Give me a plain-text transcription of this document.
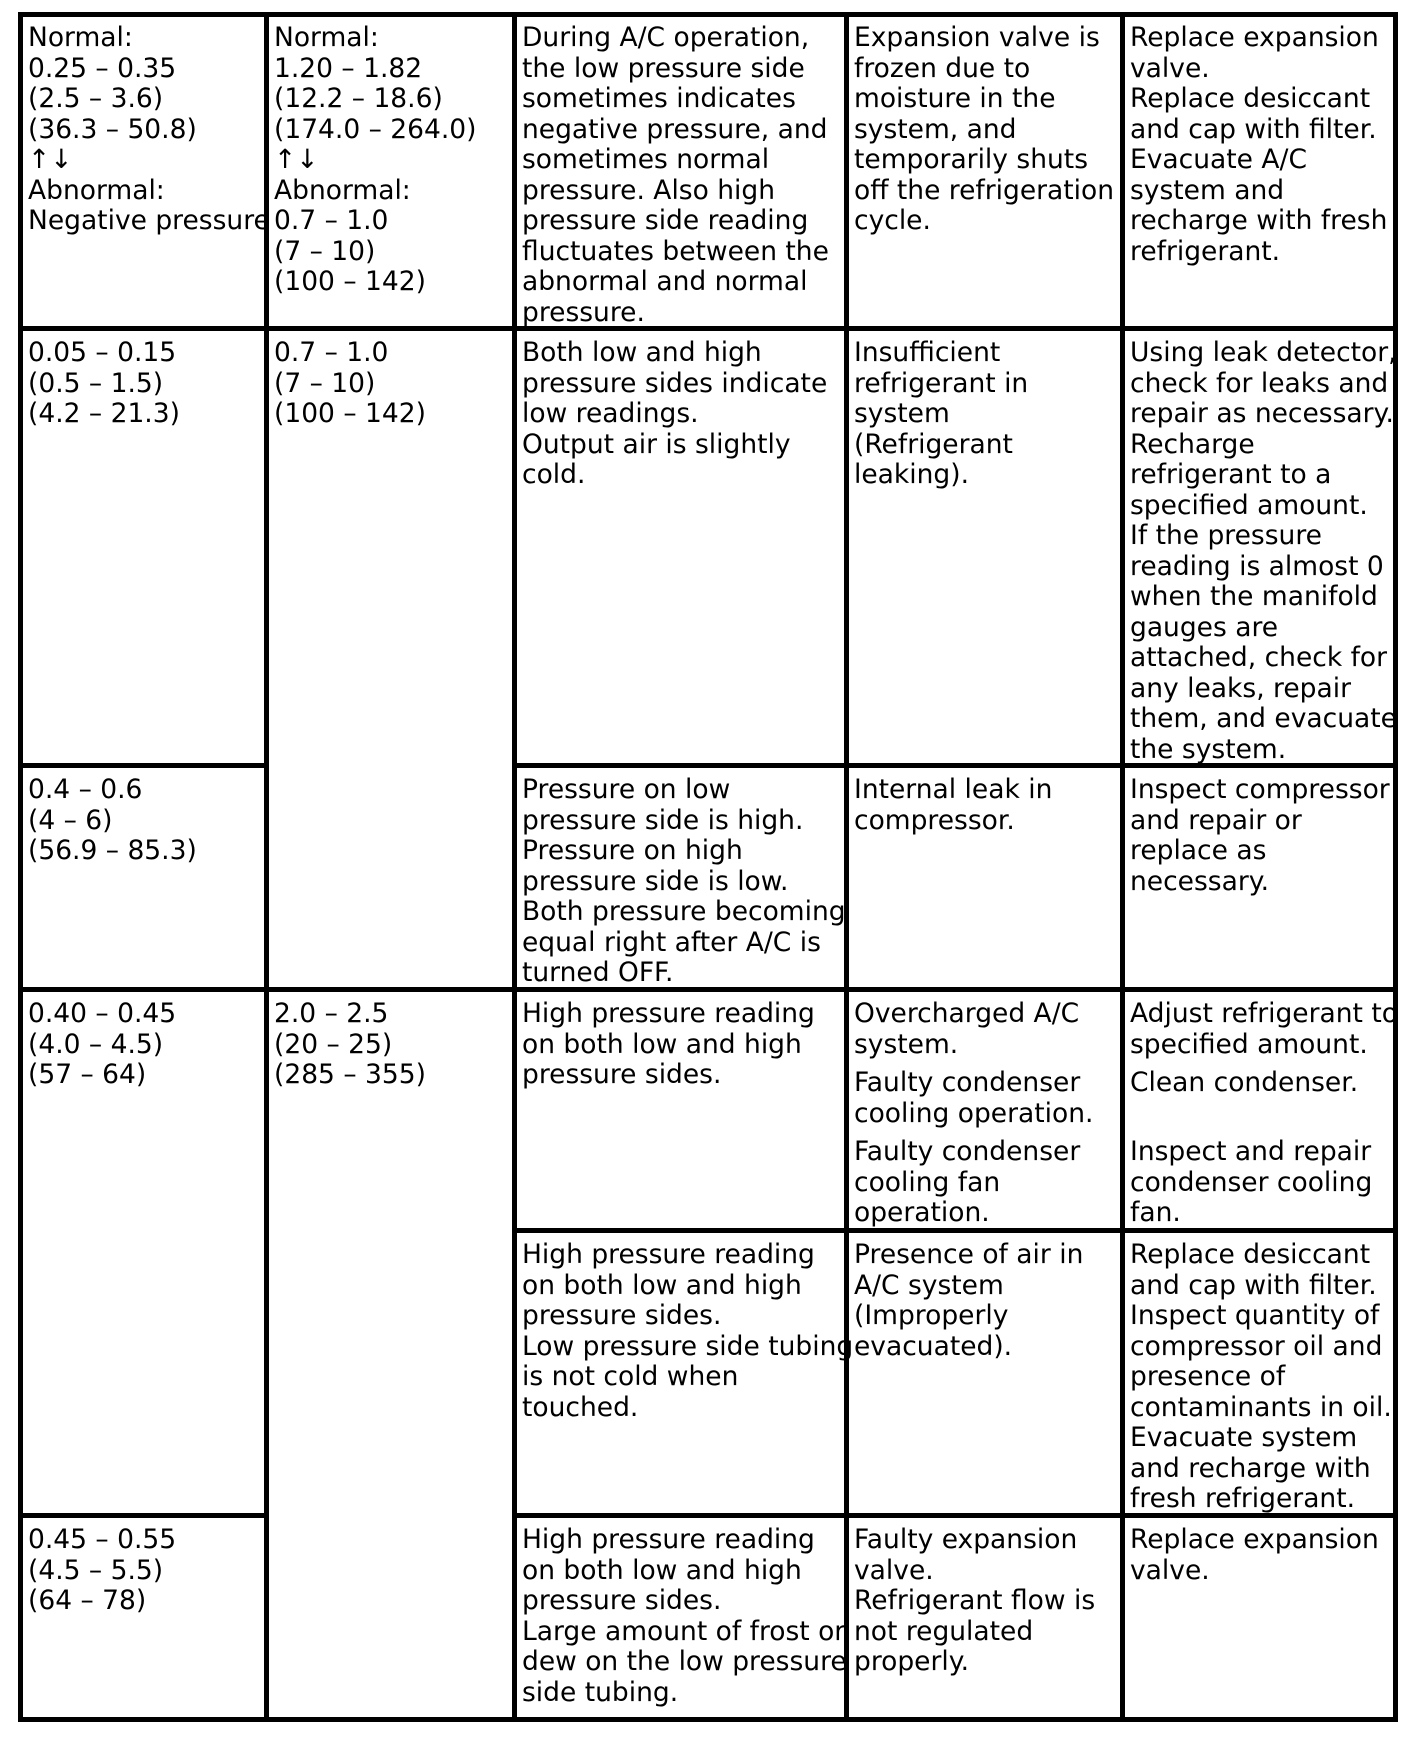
Normal:
0.25 – 0.35
(2.5 – 3.6)
(36.3 – 50.8)
↑↓
Abnormal:
Negative pressure
Normal:
1.20 – 1.82
(12.2 – 18.6)
(174.0 – 264.0)
↑↓
Abnormal:
0.7 – 1.0
(7 – 10)
(100 – 142)
During A/C operation,
the low pressure side
sometimes indicates
negative pressure, and
sometimes normal
pressure. Also high
pressure side reading
fluctuates between the
abnormal and normal
pressure.
Expansion valve is
frozen due to
moisture in the
system, and
temporarily shuts
off the refrigeration
cycle.
Replace expansion
valve.
Replace desiccant
and cap with filter.
Evacuate A/C
system and
recharge with fresh
refrigerant.
0.05 – 0.15
(0.5 – 1.5)
(4.2 – 21.3)
0.7 – 1.0
(7 – 10)
(100 – 142)
Both low and high
pressure sides indicate
low readings.
Output air is slightly
cold.
Insufficient
refrigerant in
system
(Refrigerant
leaking).
Using leak detector,
check for leaks and
repair as necessary.
Recharge
refrigerant to a
specified amount.
If the pressure
reading is almost 0
when the manifold
gauges are
attached, check for
any leaks, repair
them, and evacuate
the system.
0.4 – 0.6
(4 – 6)
(56.9 – 85.3)
Pressure on low
pressure side is high.
Pressure on high
pressure side is low.
Both pressure becoming
equal right after A/C is
turned OFF.
Internal leak in
compressor.
Inspect compressor
and repair or
replace as
necessary.
0.40 – 0.45
(4.0 – 4.5)
(57 – 64)
2.0 – 2.5
(20 – 25)
(285 – 355)
High pressure reading
on both low and high
pressure sides.
Overcharged A/C
system.
Faulty condenser
cooling operation.
Faulty condenser
cooling fan
operation.
Adjust refrigerant to
specified amount.
Clean condenser.
Inspect and repair
condenser cooling
fan.
High pressure reading
on both low and high
pressure sides.
Low pressure side tubing
is not cold when
touched.
Presence of air in
A/C system
(Improperly
evacuated).
Replace desiccant
and cap with filter.
Inspect quantity of
compressor oil and
presence of
contaminants in oil.
Evacuate system
and recharge with
fresh refrigerant.
0.45 – 0.55
(4.5 – 5.5)
(64 – 78)
High pressure reading
on both low and high
pressure sides.
Large amount of frost or
dew on the low pressure
side tubing.
Faulty expansion
valve.
Refrigerant flow is
not regulated
properly.
Replace expansion
valve.
